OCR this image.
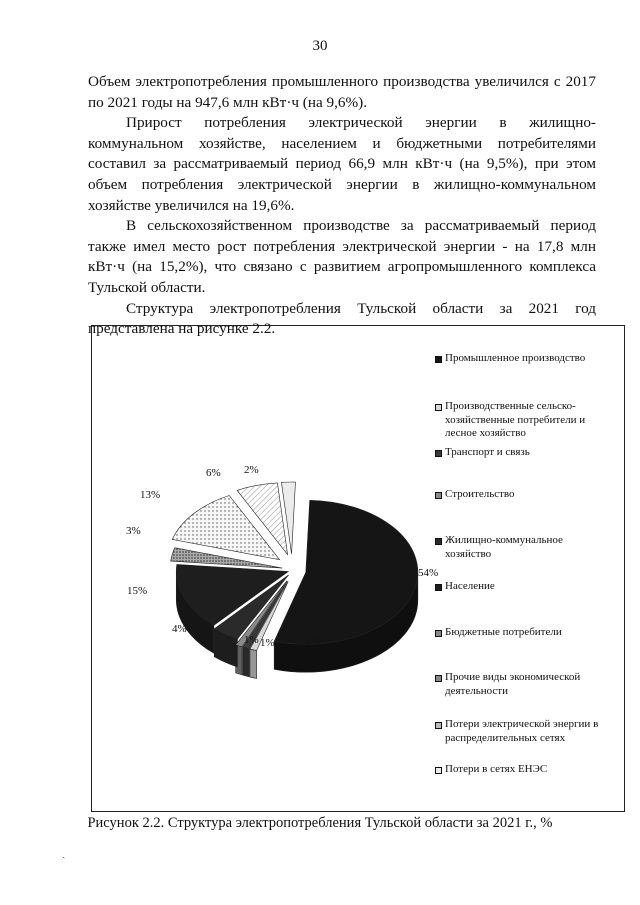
30

Объем электропотребления промышленного производства увеличился с 2017 по 2021 годы на 947,6 млн кВт·ч (на 9,6%).

Прирост потребления электрической энергии в жилищно-коммунальном хозяйстве, населением и бюджетными потребителями составил за рассматриваемый период 66,9 млн кВт·ч (на 9,5%), при этом объем потребления электрической энергии в жилищно-коммунальном хозяйстве увеличился на 19,6%.

В сельскохозяйственном производстве за рассматриваемый период также имел место рост потребления электрической энергии - на 17,8 млн кВт·ч (на 15,2%), что связано с развитием агропромышленного комплекса Тульской области.

Структура электропотребления Тульской области за 2021 год представлена на рисунке 2.2.

54%
1% 1%	1%
4%
15%
3%
13%
6% 2%
Промышленное производство
Производственные сельско-хозяйственные потребители и лесное хозяйство
Транспорт и связь
Строительство
Жилищно-коммунальное хозяйство
Население
Бюджетные потребители
Прочие виды экономической деятельности
Потери электрической энергии в распределительных сетях
Потери в сетях ЕНЭС
Рисунок 2.2. Структура электропотребления Тульской области за 2021 г., %
ˎ
